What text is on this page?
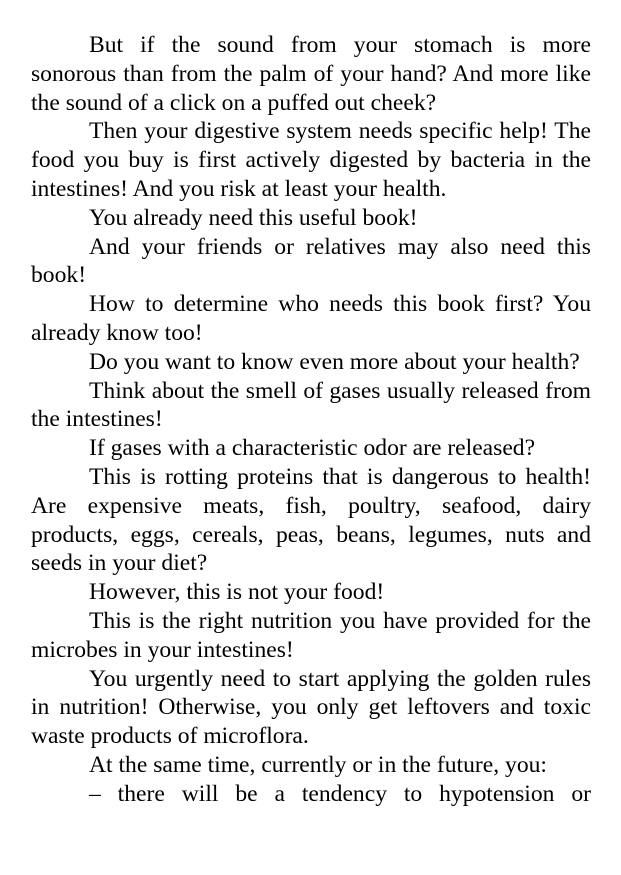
But if the sound from your stomach is more sonorous than from the palm of your hand? And more like the sound of a click on a puffed out cheek?

Then your digestive system needs specific help! The food you buy is first actively digested by bacteria in the intestines! And you risk at least your health.

You already need this useful book!

And your friends or relatives may also need this book!

How to determine who needs this book first? You already know too!

Do you want to know even more about your health?

Think about the smell of gases usually released from the intestines!

If gases with a characteristic odor are released?

This is rotting proteins that is dangerous to health! Are expensive meats, fish, poultry, seafood, dairy products, eggs, cereals, peas, beans, legumes, nuts and seeds in your diet?

However, this is not your food!

This is the right nutrition you have provided for the microbes in your intestines!

You urgently need to start applying the golden rules in nutrition! Otherwise, you only get leftovers and toxic waste products of microflora.

At the same time, currently or in the future, you:

– there will be a tendency to hypotension or
